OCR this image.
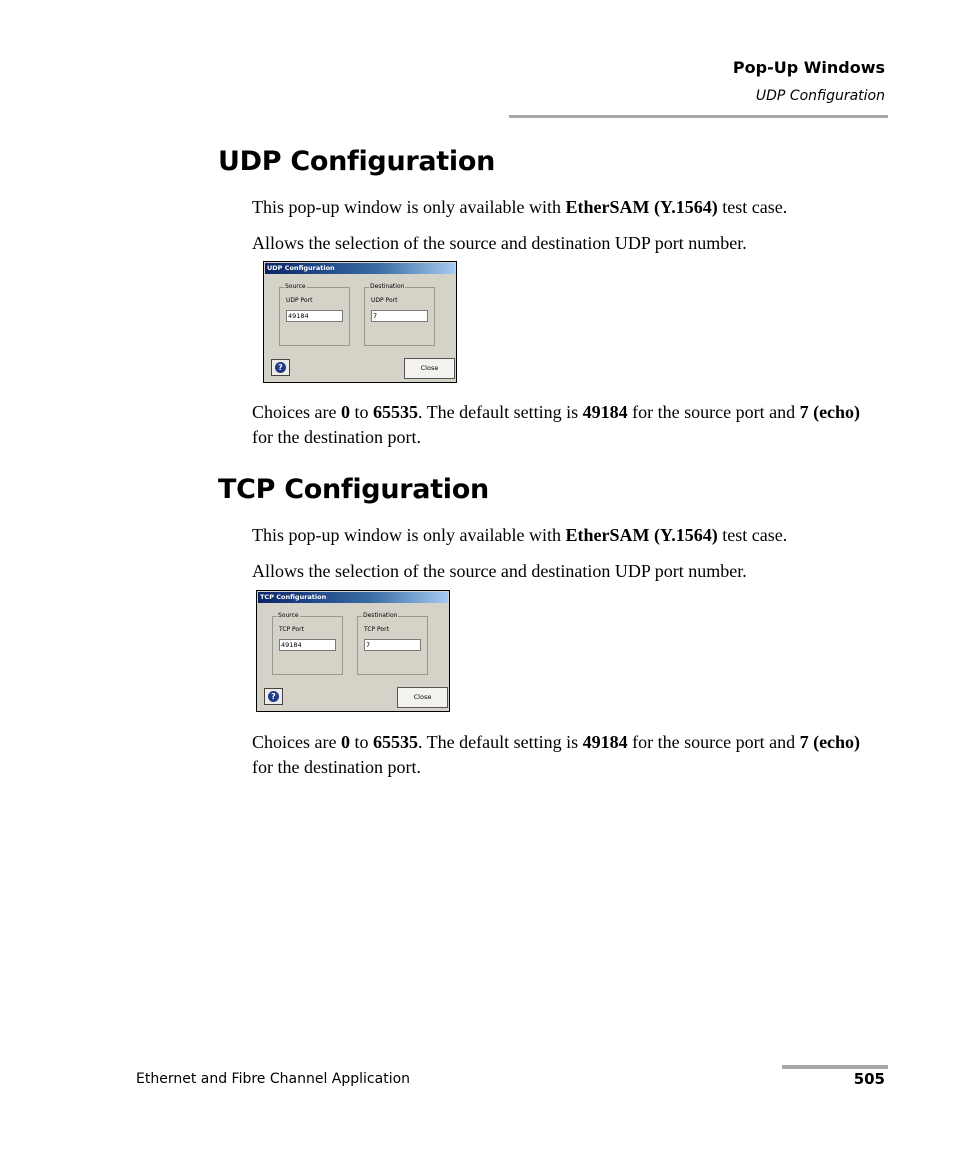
Pop-Up Windows
UDP Configuration
UDP Configuration

This pop-up window is only available with EtherSAM (Y.1564) test case.

Allows the selection of the source and destination UDP port number.

UDP Configuration
Source
UDP Port
49184
Destination
UDP Port
7
?	Close

Choices are 0 to 65535. The default setting is 49184 for the source port and 7 (echo) for the destination port.

TCP Configuration

This pop-up window is only available with EtherSAM (Y.1564) test case.

Allows the selection of the source and destination UDP port number.

TCP Configuration
Source
TCP Port
49184
Destination
TCP Port
7
?	Close

Choices are 0 to 65535. The default setting is 49184 for the source port and 7 (echo) for the destination port.

Ethernet and Fibre Channel Application	505
